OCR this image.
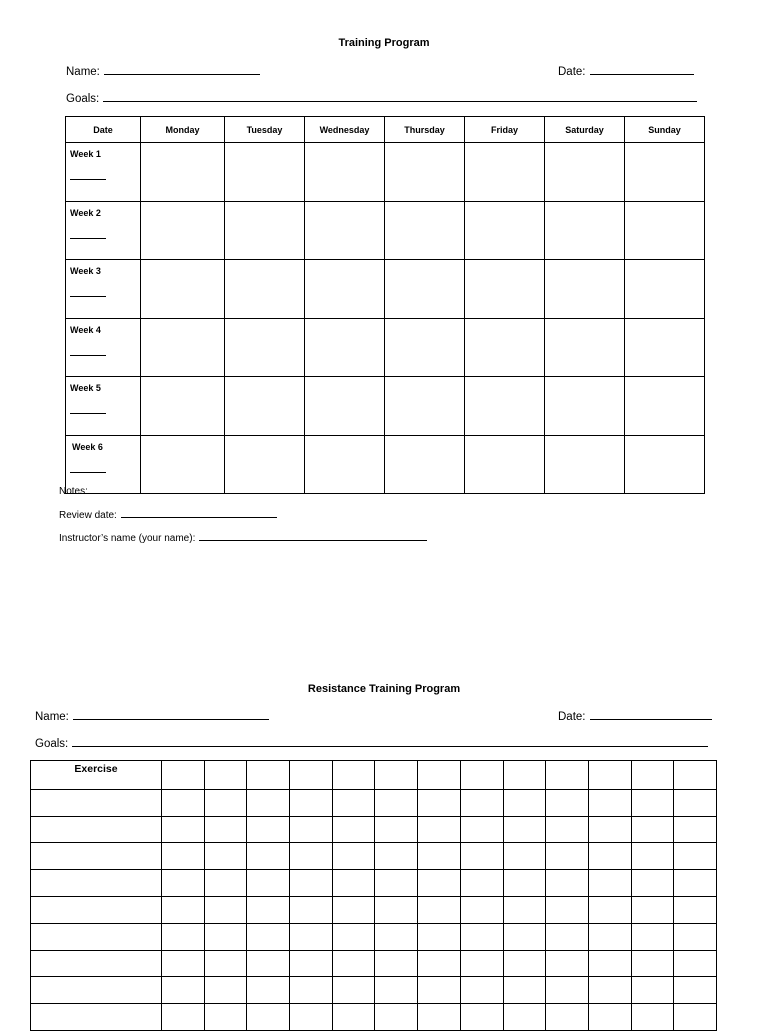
Training Program
Name:	Date:
Goals:
Date	Monday	Tuesday	Wednesday	Thursday	Friday	Saturday	Sunday
Week 1

Week 2

Week 3

Week 4

Week 5

Week 6

Notes:
Review date:
Instructor’s name (your name):
Resistance Training Program
Name:	Date:
Goals:
Exercise													
